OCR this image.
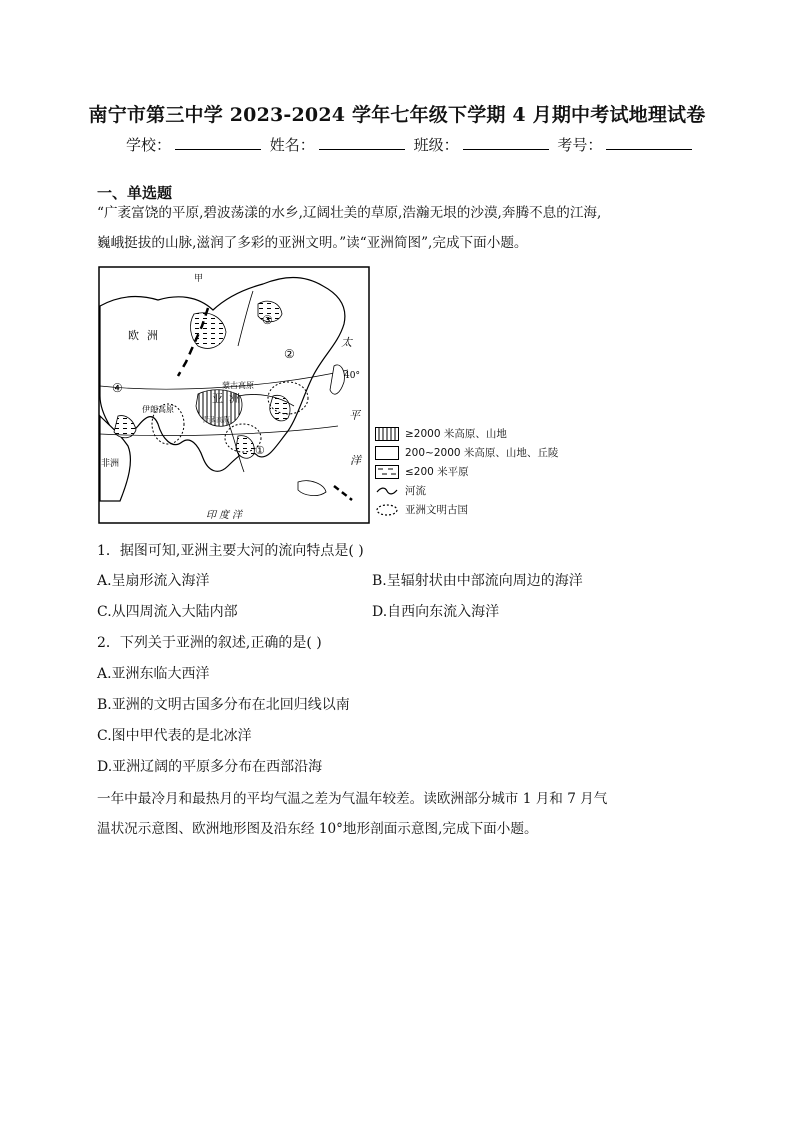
南宁市第三中学 2023-2024 学年七年级下学期 4 月期中考试地理试卷
学校：	姓名：	班级：	考号：
一、单选题
“广袤富饶的平原,碧波荡漾的水乡,辽阔壮美的草原,浩瀚无垠的沙漠,奔腾不息的江海,
巍峨挺拔的山脉,滋润了多彩的亚洲文明。”读“亚洲简图”,完成下面小题。
甲
欧洲
亚洲
蒙古高原
伊朗高原
青藏高原
非洲
印度洋
太
平
洋
40°
①
②
③
④
≥2000 米高原、山地
200~2000 米高原、山地、丘陵
≤200 米平原
河流
亚洲文明古国
1．据图可知,亚洲主要大河的流向特点是( )
A.呈扇形流入海洋	B.呈辐射状由中部流向周边的海洋
C.从四周流入大陆内部	D.自西向东流入海洋
2．下列关于亚洲的叙述,正确的是( )
A.亚洲东临大西洋
B.亚洲的文明古国多分布在北回归线以南
C.图中甲代表的是北冰洋
D.亚洲辽阔的平原多分布在西部沿海
一年中最冷月和最热月的平均气温之差为气温年较差。读欧洲部分城市 1 月和 7 月气
温状况示意图、欧洲地形图及沿东经 10°地形剖面示意图,完成下面小题。
